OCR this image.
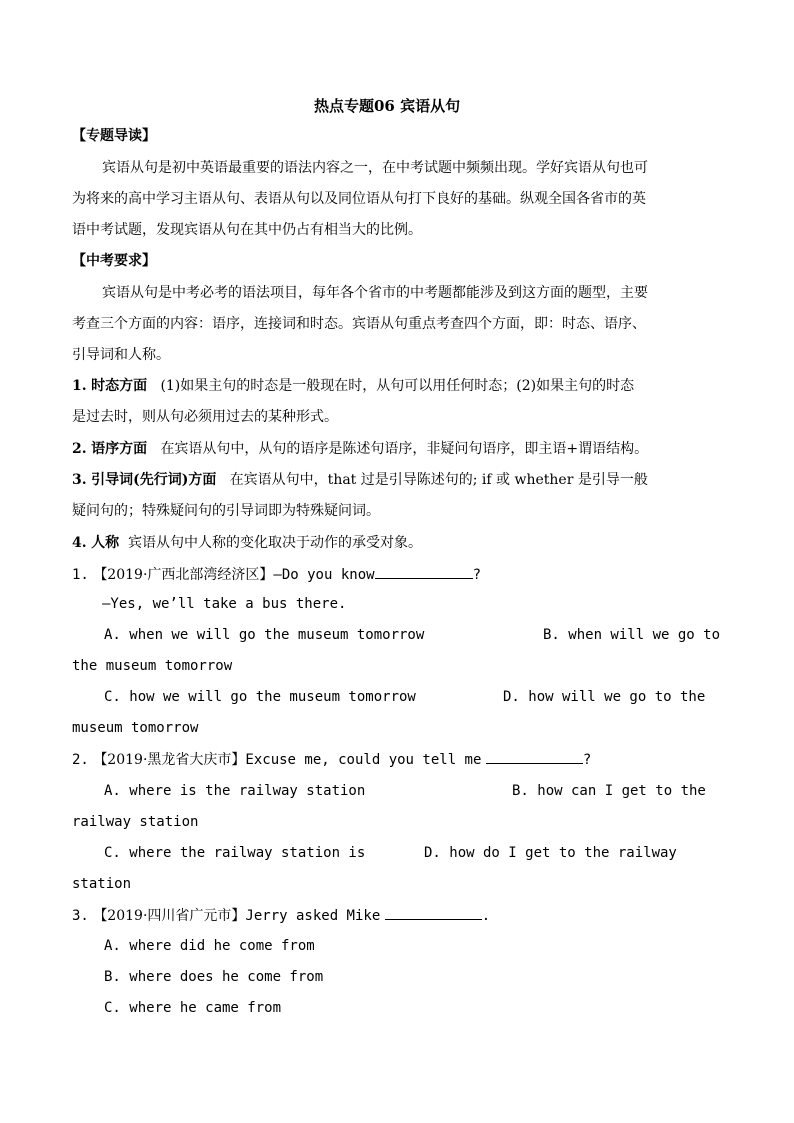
热点专题06 宾语从句
【专题导读】
宾语从句是初中英语最重要的语法内容之一，在中考试题中频频出现。学好宾语从句也可
为将来的高中学习主语从句、表语从句以及同位语从句打下良好的基础。纵观全国各省市的英
语中考试题，发现宾语从句在其中仍占有相当大的比例。
【中考要求】
宾语从句是中考必考的语法项目，每年各个省市的中考题都能涉及到这方面的题型，主要
考查三个方面的内容：语序，连接词和时态。宾语从句重点考查四个方面，即：时态、语序、
引导词和人称。
1. 时态方面 (1)如果主句的时态是一般现在时，从句可以用任何时态；(2)如果主句的时态
是过去时，则从句必须用过去的某种形式。
2. 语序方面 在宾语从句中，从句的语序是陈述句语序，非疑问句语序，即主语+谓语结构。
3. 引导词(先行词)方面 在宾语从句中，that 过是引导陈述句的; if 或 whether 是引导一般
疑问句的；特殊疑问句的引导词即为特殊疑问词。
4. 人称 宾语从句中人称的变化取决于动作的承受对象。
1. 【2019·广西北部湾经济区】—Do you know	?
—Yes, we’ll take a bus there.
A. when we will go the museum tomorrow	B. when will we go to
the museum tomorrow
C. how we will go the museum tomorrow	D. how will we go to the
museum tomorrow
2. 【2019·黑龙省大庆市】Excuse me, could you tell me	?
A. where is the railway station	B. how can I get to the
railway station
C. where the railway station is	D. how do I get to the railway
station
3. 【2019·四川省广元市】Jerry asked Mike	.
A. where did he come from
B. where does he come from
C. where he came from
